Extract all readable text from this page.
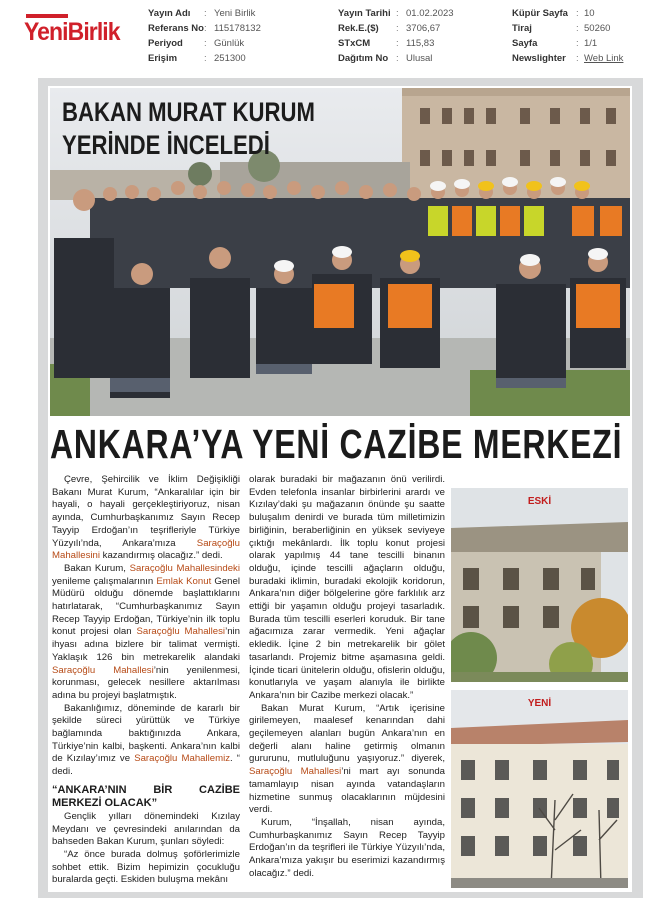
YeniBirlik
Yayın Adı	: Yeni Birlik
Referans No : 115178132
Periyod	: Günlük
Erişim	: 251300
Yayın Tarihi : 01.02.2023
Rek.E.($)	: 3706,67
STxCM	: 115,83
Dağıtım No : Ulusal
Küpür Sayfa : 10
Tiraj	: 50260
Sayfa	: 1/1
Newslighter	: Web Link
BAKAN MURAT KURUM
YERİNDE İNCELEDİ
ANKARA’YA YENİ CAZİBE MERKEZİ

Çevre, Şehircilik ve İklim Değişikliği Bakanı Murat Kurum, “Ankaralılar için bir hayali, o hayali gerçekleştiriyoruz, nisan ayında, Cumhurbaşkanımız Sayın Recep Tayyip Erdoğan’ın teşrifleriyle Türkiye Yüzyılı’nda, Ankara’mıza Saraçoğlu Mahallesini kazandırmış olacağız.” dedi.

Bakan Kurum, Saraçoğlu Mahallesindeki yenileme çalışmalarının Emlak Konut Genel Müdürü olduğu dönemde başlattıklarını hatırlatarak, “Cumhurbaşkanımız Sayın Recep Tayyip Erdoğan, Türkiye’nin ilk toplu konut projesi olan Saraçoğlu Mahallesi’nin ihyası adına bizlere bir talimat vermişti. Yaklaşık 126 bin metrekarelik alandaki Saraçoğlu Mahallesi’nin yenilenmesi, korunması, gelecek nesillere aktarılması adına bu projeyi başlatmıştık.

Bakanlığımız, döneminde de kararlı bir şekilde süreci yürüttük ve Türkiye bağlamında baktığınızda Ankara, Türkiye’nin kalbi, başkenti. Ankara’nın kalbi de Kızılay’ımız ve Saraçoğlu Mahallemiz. “ dedi.

“ANKARA’NIN BİR CAZİBE MERKEZİ OLACAK”

Gençlik yılları dönemindeki Kızılay Meydanı ve çevresindeki anılarından da bahseden Bakan Kurum, şunları söyledi:

“Az önce burada dolmuş şoförlerimizle sohbet ettik. Bizim hepimizin çocukluğu buralarda geçti. Eskiden buluşma mekânı

olarak buradaki bir mağazanın önü verilirdi. Evden telefonla insanlar birbirlerini arardı ve Kızılay’daki şu mağazanın önünde şu saatte buluşalım denirdi ve burada tüm milletimizin birliğinin, beraberliğinin en yüksek seviyeye çıktığı mekânlardı. İlk toplu konut projesi olarak yapılmış 44 tane tescilli binanın olduğu, içinde tescilli ağaçların olduğu, buradaki iklimin, buradaki ekolojik koridorun, Ankara’nın diğer bölgelerine göre farklılık arz ettiği bir yaşamın olduğu projeyi tasarladık. Burada tüm tescilli eserleri koruduk. Bir tane ağacımıza zarar vermedik. Yeni ağaçlar ekledik. İçine 2 bin metrekarelik bir gölet tasarlandı. Projemiz bitme aşamasına geldi. İçinde ticari ünitelerin olduğu, ofislerin olduğu, konutlarıyla ve yaşam alanıyla ile birlikte Ankara’nın bir Cazibe merkezi olacak.”

Bakan Murat Kurum, “Artık içerisine girilemeyen, maalesef kenarından dahi geçilemeyen alanları bugün Ankara’nın en değerli alanı haline getirmiş olmanın gururunu, mutluluğunu yaşıyoruz.” diyerek, Saraçoğlu Mahallesi’ni mart ayı sonunda tamamlayıp nisan ayında vatandaşların hizmetine sunmuş olacaklarının müjdesini verdi.

Kurum, “İnşallah, nisan ayında, Cumhurbaşkanımız Sayın Recep Tayyip Erdoğan’ın da teşrifleri ile Türkiye Yüzyılı’nda, Ankara’mıza yakışır bu eserimizi kazandırmış olacağız.” dedi.

ESKİ
YENİ
